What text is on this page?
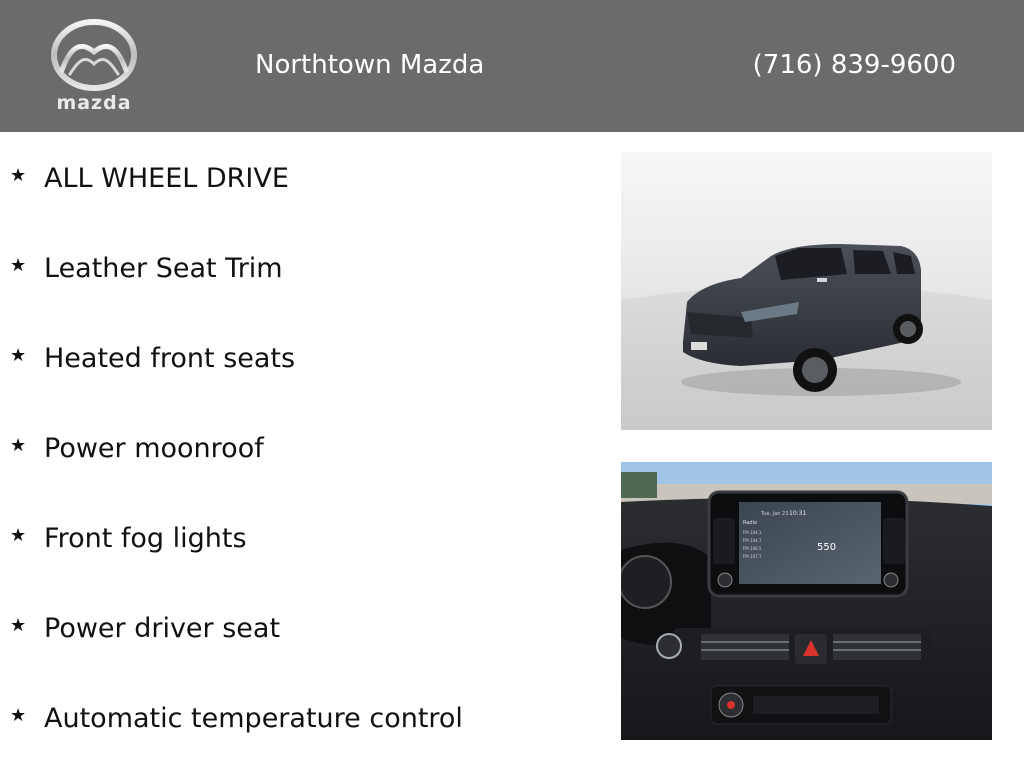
mazda
Northtown Mazda	(716) 839-9600
★ ALL WHEEL DRIVE
★ Leather Seat Trim
★ Heated front seats
★ Power moonroof
★ Front fog lights
★ Power driver seat
★ Automatic temperature control
10:31
Tue, Jan 23
Radio
550
FM 104.1
FM 104.7
FM 106.5
FM 107.7
